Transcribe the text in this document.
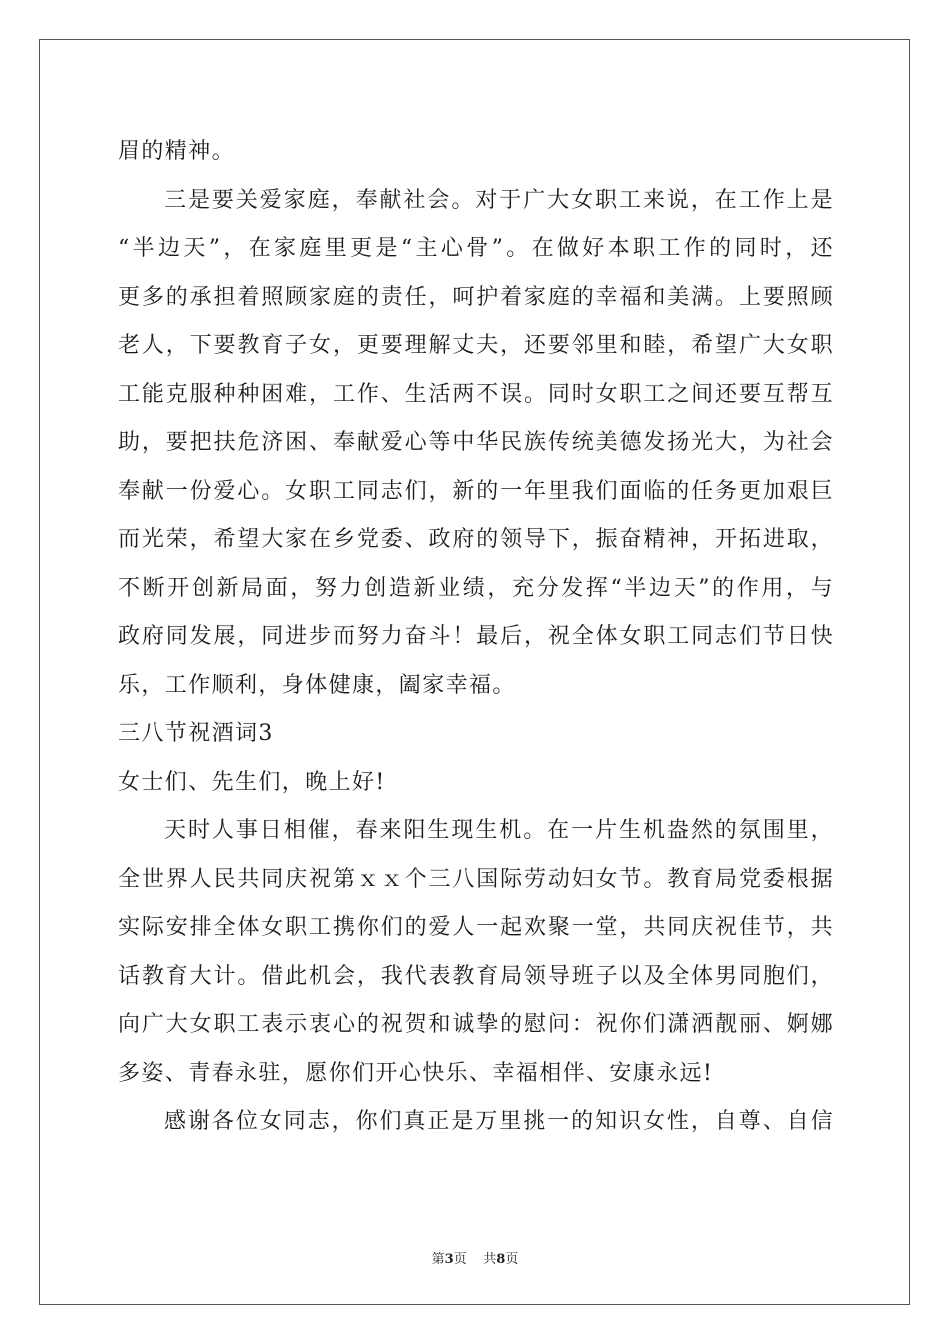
眉的精神。
三是要关爱家庭，奉献社会。对于广大女职工来说，在工作上是
“半边天”，在家庭里更是“主心骨”。在做好本职工作的同时，还
更多的承担着照顾家庭的责任，呵护着家庭的幸福和美满。上要照顾
老人，下要教育子女，更要理解丈夫，还要邻里和睦，希望广大女职
工能克服种种困难，工作、生活两不误。同时女职工之间还要互帮互
助，要把扶危济困、奉献爱心等中华民族传统美德发扬光大，为社会
奉献一份爱心。女职工同志们，新的一年里我们面临的任务更加艰巨
而光荣，希望大家在乡党委、政府的领导下，振奋精神，开拓进取，
不断开创新局面，努力创造新业绩，充分发挥“半边天”的作用，与
政府同发展，同进步而努力奋斗！最后，祝全体女职工同志们节日快
乐，工作顺利，身体健康，阖家幸福。
三八节祝酒词3
女士们、先生们，晚上好!
天时人事日相催，春来阳生现生机。在一片生机盎然的氛围里，
全世界人民共同庆祝第ｘｘ个三八国际劳动妇女节。教育局党委根据
实际安排全体女职工携你们的爱人一起欢聚一堂，共同庆祝佳节，共
话教育大计。借此机会，我代表教育局领导班子以及全体男同胞们，
向广大女职工表示衷心的祝贺和诚挚的慰问：祝你们潇洒靓丽、婀娜
多姿、青春永驻，愿你们开心快乐、幸福相伴、安康永远!
感谢各位女同志，你们真正是万里挑一的知识女性，自尊、自信
第3页 共8页
